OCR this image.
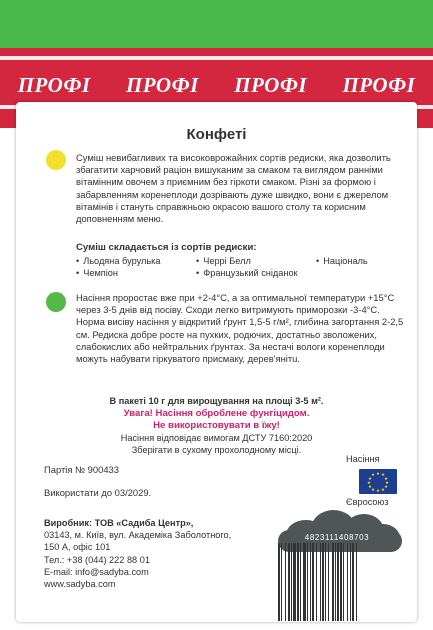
ПРОФІ ПРОФІ ПРОФІ ПРОФІ
Конфеті
Суміш невибагливих та високоврожайних сортів редиски, яка дозволить збагатити харчовий раціон вишуканим за смаком та виглядом ранніми вітамінним овочем з приємним без гіркоти смаком. Різні за формою і забарвленням коренеплоди дозрівають дуже швидко, вони є джерелом вітамінів і стануть справжньою окрасою вашого столу та корисним доповненням меню.
Суміш складається із сортів редиски:
• Льодяна бурулька	• Черрі Белл	• Національ
• Чемпіон	• Французький сніданок
Насіння проростає вже при +2-4°С, а за оптимальної температури +15°С через 3-5 днів від посіву. Сходи легко витримують приморозки -3-4°С. Норма висіву насіння у відкритий ґрунт 1,5-5 г/м², глибина загортання 2-2,5 см. Редиска добре росте на пухких, родючих, достатньо зволожених, слабокислих або нейтральних ґрунтах. За нестачі вологи коренеплоди можуть набувати гіркуватого присмаку, дерев'янітu.
В пакеті 10 г для вирощування на площі 3-5 м².
Увага! Насіння оброблене фунгіцидом.
Не використовувати в їжу!
Насіння відповідає вимогам ДСТУ 7160:2020
Зберігати в сухому прохолодному місці.
Партія № 900433
Використати до 03/2029.
Виробник: ТОВ «Садиба Центр»,
03143, м. Київ, вул. Академіка Заболотного,
150 А, офіс 101
Тел.: +38 (044) 222 88 01
E-mail: info@sadyba.com
www.sadyba.com
Насіння
★ ★
★
★
★
★
★
★
★
★
★
★
Євросоюз
4823111408703
